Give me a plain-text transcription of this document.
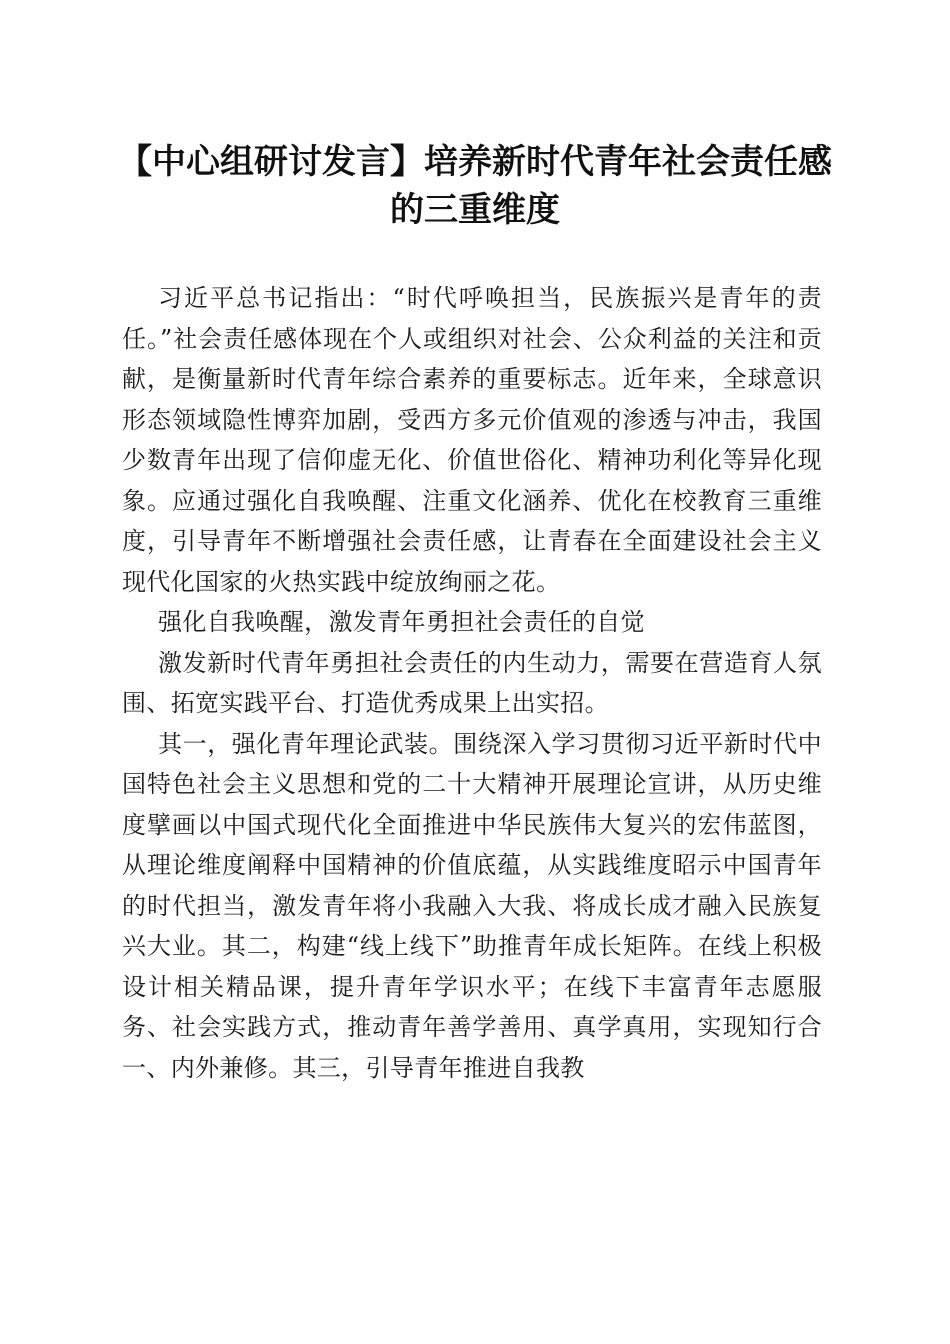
【中心组研讨发言】培养新时代青年社会责任感的三重维度

习近平总书记指出：“时代呼唤担当，民族振兴是青年的责任。”社会责任感体现在个人或组织对社会、公众利益的关注和贡献，是衡量新时代青年综合素养的重要标志。近年来，全球意识形态领域隐性博弈加剧，受西方多元价值观的渗透与冲击，我国少数青年出现了信仰虚无化、价值世俗化、精神功利化等异化现象。应通过强化自我唤醒、注重文化涵养、优化在校教育三重维度，引导青年不断增强社会责任感，让青春在全面建设社会主义现代化国家的火热实践中绽放绚丽之花。

强化自我唤醒，激发青年勇担社会责任的自觉

激发新时代青年勇担社会责任的内生动力，需要在营造育人氛围、拓宽实践平台、打造优秀成果上出实招。

其一，强化青年理论武装。围绕深入学习贯彻习近平新时代中国特色社会主义思想和党的二十大精神开展理论宣讲，从历史维度擘画以中国式现代化全面推进中华民族伟大复兴的宏伟蓝图，从理论维度阐释中国精神的价值底蕴，从实践维度昭示中国青年的时代担当，激发青年将小我融入大我、将成长成才融入民族复兴大业。其二，构建“线上线下”助推青年成长矩阵。在线上积极设计相关精品课，提升青年学识水平；在线下丰富青年志愿服务、社会实践方式，推动青年善学善用、真学真用，实现知行合一、内外兼修。其三，引导青年推进自我教
